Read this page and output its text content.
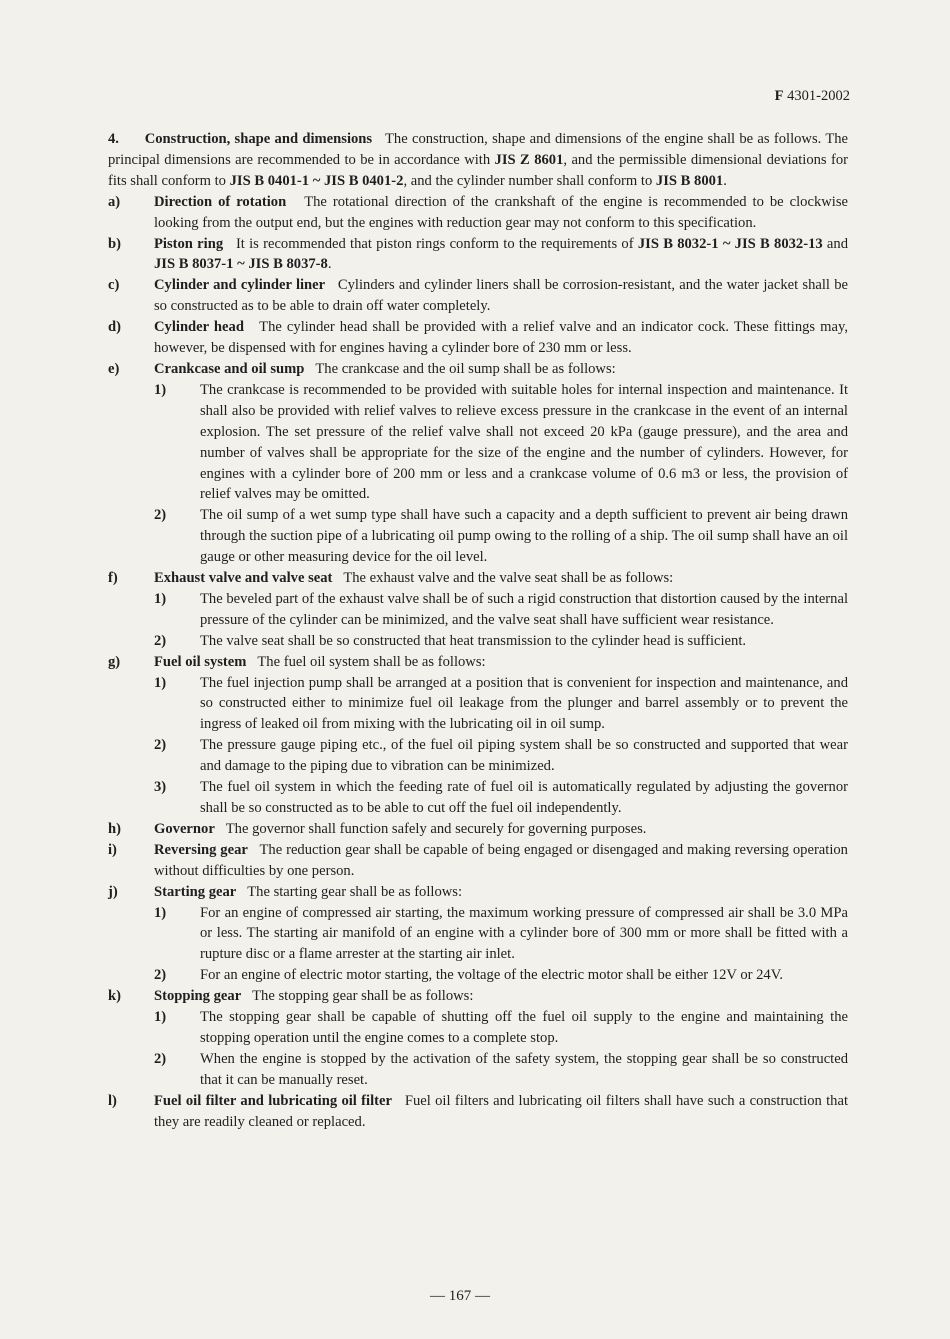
F 4301-2002

4. Construction, shape and dimensions The construction, shape and dimensions of the engine shall be as follows. The principal dimensions are recommended to be in accordance with JIS Z 8601, and the permissible dimensional deviations for fits shall conform to JIS B 0401-1 ~ JIS B 0401-2, and the cylinder number shall conform to JIS B 8001.

a)	Direction of rotation The rotational direction of the crankshaft of the engine is recommended to be clockwise looking from the output end, but the engines with reduction gear may not conform to this specification.
b)	Piston ring It is recommended that piston rings conform to the requirements of JIS B 8032-1 ~ JIS B 8032-13 and JIS B 8037-1 ~ JIS B 8037-8.
c)	Cylinder and cylinder liner Cylinders and cylinder liners shall be corrosion-resistant, and the water jacket shall be so constructed as to be able to drain off water completely.
d)	Cylinder head The cylinder head shall be provided with a relief valve and an indicator cock. These fittings may, however, be dispensed with for engines having a cylinder bore of 230 mm or less.
e)	Crankcase and oil sump The crankcase and the oil sump shall be as follows:
1)	The crankcase is recommended to be provided with suitable holes for internal inspection and maintenance. It shall also be provided with relief valves to relieve excess pressure in the crankcase in the event of an internal explosion. The set pressure of the relief valve shall not exceed 20 kPa (gauge pressure), and the area and number of valves shall be appropriate for the size of the engine and the number of cylinders. However, for engines with a cylinder bore of 200 mm or less and a crankcase volume of 0.6 m3 or less, the provision of relief valves may be omitted.
2)	The oil sump of a wet sump type shall have such a capacity and a depth sufficient to prevent air being drawn through the suction pipe of a lubricating oil pump owing to the rolling of a ship. The oil sump shall have an oil gauge or other measuring device for the oil level.
f)	Exhaust valve and valve seat The exhaust valve and the valve seat shall be as follows:
1)	The beveled part of the exhaust valve shall be of such a rigid construction that distortion caused by the internal pressure of the cylinder can be minimized, and the valve seat shall have sufficient wear resistance.
2)	The valve seat shall be so constructed that heat transmission to the cylinder head is sufficient.
g)	Fuel oil system The fuel oil system shall be as follows:
1)	The fuel injection pump shall be arranged at a position that is convenient for inspection and maintenance, and so constructed either to minimize fuel oil leakage from the plunger and barrel assembly or to prevent the ingress of leaked oil from mixing with the lubricating oil in oil sump.
2)	The pressure gauge piping etc., of the fuel oil piping system shall be so constructed and supported that wear and damage to the piping due to vibration can be minimized.
3)	The fuel oil system in which the feeding rate of fuel oil is automatically regulated by adjusting the governor shall be so constructed as to be able to cut off the fuel oil independently.
h)	Governor The governor shall function safely and securely for governing purposes.
i)	Reversing gear The reduction gear shall be capable of being engaged or disengaged and making reversing operation without difficulties by one person.
j)	Starting gear The starting gear shall be as follows:
1)	For an engine of compressed air starting, the maximum working pressure of compressed air shall be 3.0 MPa or less. The starting air manifold of an engine with a cylinder bore of 300 mm or more shall be fitted with a rupture disc or a flame arrester at the starting air inlet.
2)	For an engine of electric motor starting, the voltage of the electric motor shall be either 12V or 24V.
k)	Stopping gear The stopping gear shall be as follows:
1)	The stopping gear shall be capable of shutting off the fuel oil supply to the engine and maintaining the stopping operation until the engine comes to a complete stop.
2)	When the engine is stopped by the activation of the safety system, the stopping gear shall be so constructed that it can be manually reset.
l)	Fuel oil filter and lubricating oil filter Fuel oil filters and lubricating oil filters shall have such a construction that they are readily cleaned or replaced.
— 167 —
